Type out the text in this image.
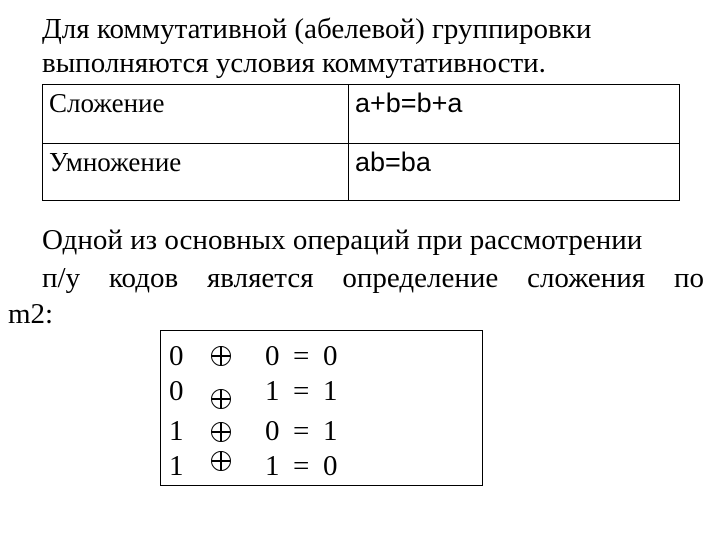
Для коммутативной (абелевой) группировки
выполняются условия коммутативности.
Сложение	a+b=b+a
Умножение	ab=ba
Одной из основных операций при рассмотрении
п/у кодов является определение сложения по
m2:
0	0 = 0
0	1 = 1
1	0 = 1
1	1 = 0
